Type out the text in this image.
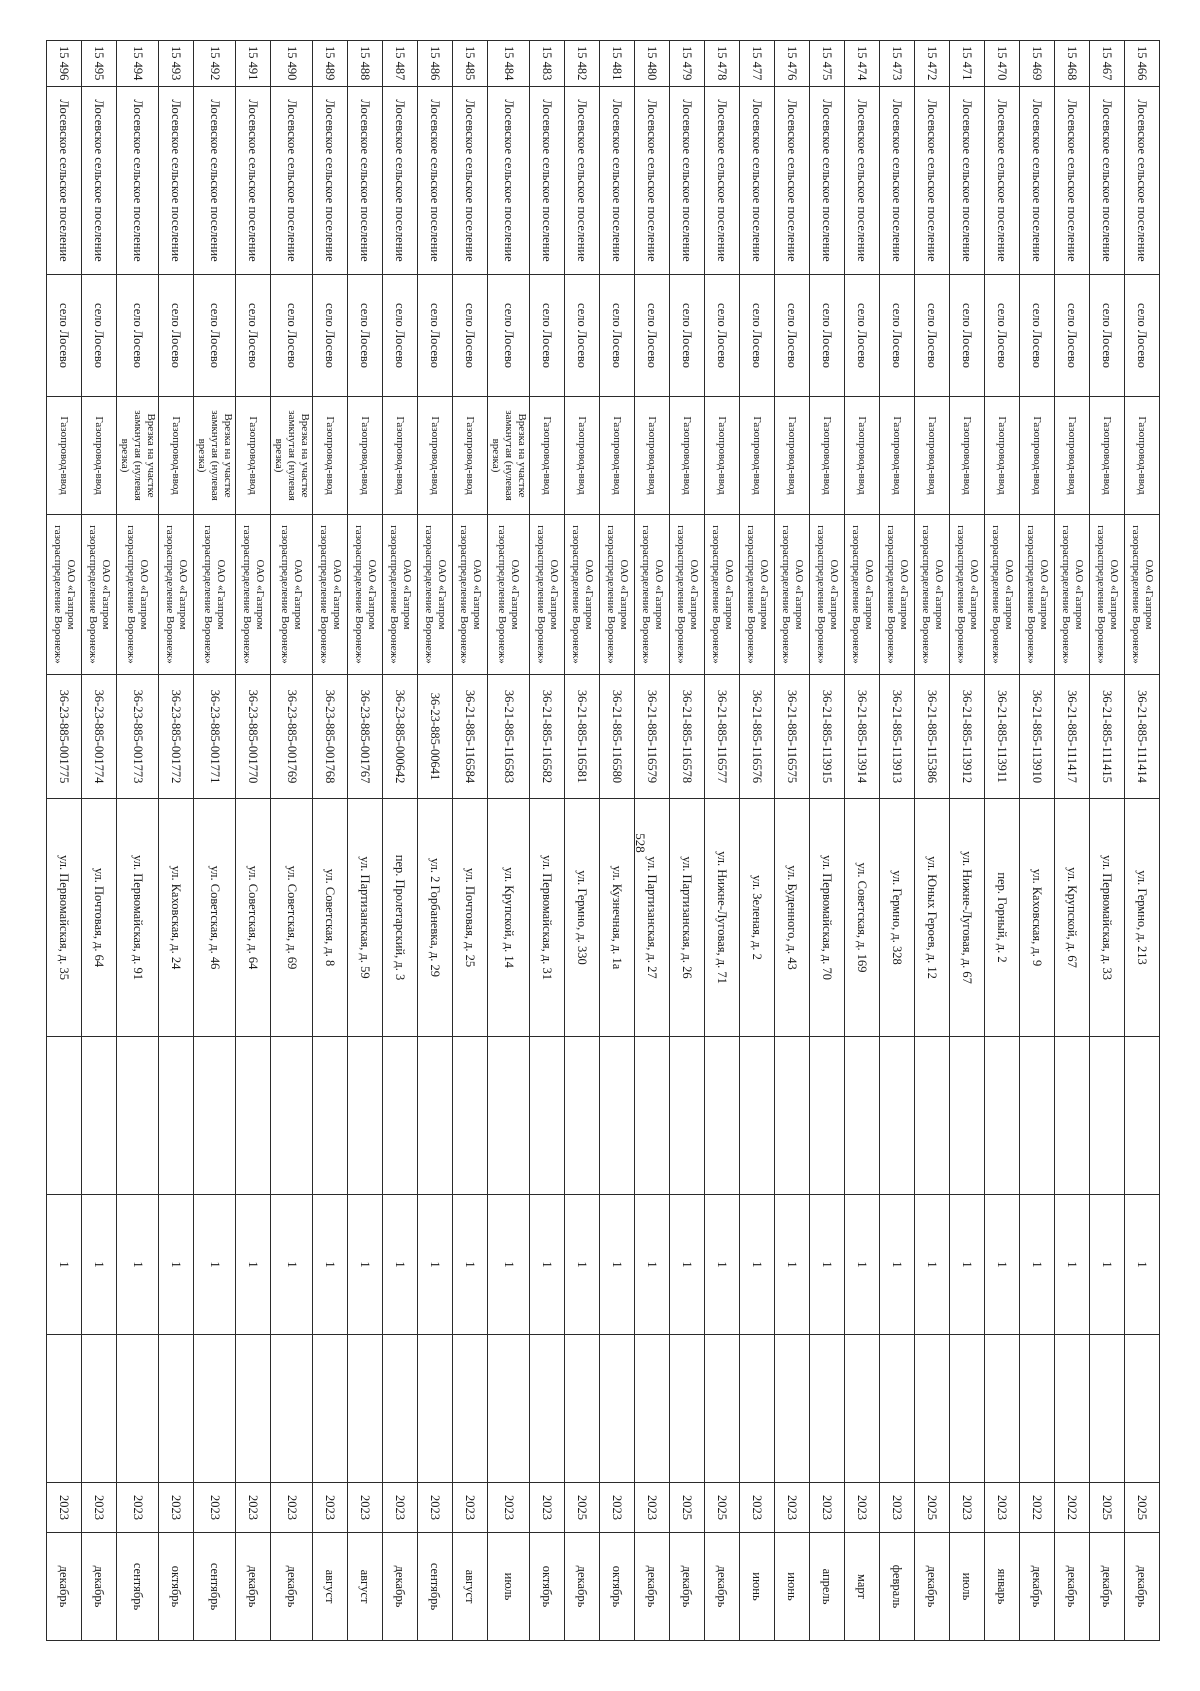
528
15 466	Лосевское сельское поселение	село Лосево	Газопровод-ввод	ОАО «Газпром газораспределение Воронеж»	36-21-885-111414	ул. Гермно, д. 213		1		2025	декабрь
15 467	Лосевское сельское поселение	село Лосево	Газопровод-ввод	ОАО «Газпром газораспределение Воронеж»	36-21-885-111415	ул. Первомайская, д. 33		1		2025	декабрь
15 468	Лосевское сельское поселение	село Лосево	Газопровод-ввод	ОАО «Газпром газораспределение Воронеж»	36-21-885-111417	ул. Крупской, д. 67		1		2022	декабрь
15 469	Лосевское сельское поселение	село Лосево	Газопровод-ввод	ОАО «Газпром газораспределение Воронеж»	36-21-885-113910	ул. Каховская, д. 9		1		2022	декабрь
15 470	Лосевское сельское поселение	село Лосево	Газопровод-ввод	ОАО «Газпром газораспределение Воронеж»	36-21-885-113911	пер. Горный, д. 2		1		2023	январь
15 471	Лосевское сельское поселение	село Лосево	Газопровод-ввод	ОАО «Газпром газораспределение Воронеж»	36-21-885-113912	ул. Нижне-Луговая, д. 67		1		2023	июль
15 472	Лосевское сельское поселение	село Лосево	Газопровод-ввод	ОАО «Газпром газораспределение Воронеж»	36-21-885-115386	ул. Юных Героев, д. 12		1		2025	декабрь
15 473	Лосевское сельское поселение	село Лосево	Газопровод-ввод	ОАО «Газпром газораспределение Воронеж»	36-21-885-113913	ул. Гермно, д. 328		1		2023	февраль
15 474	Лосевское сельское поселение	село Лосево	Газопровод-ввод	ОАО «Газпром газораспределение Воронеж»	36-21-885-113914	ул. Советская, д. 169		1		2023	март
15 475	Лосевское сельское поселение	село Лосево	Газопровод-ввод	ОАО «Газпром газораспределение Воронеж»	36-21-885-113915	ул. Первомайская, д. 70		1		2023	апрель
15 476	Лосевское сельское поселение	село Лосево	Газопровод-ввод	ОАО «Газпром газораспределение Воронеж»	36-21-885-116575	ул. Буденного, д. 43		1		2023	июнь
15 477	Лосевское сельское поселение	село Лосево	Газопровод-ввод	ОАО «Газпром газораспределение Воронеж»	36-21-885-116576	ул. Зеленая, д. 2		1		2023	июнь
15 478	Лосевское сельское поселение	село Лосево	Газопровод-ввод	ОАО «Газпром газораспределение Воронеж»	36-21-885-116577	ул. Нижне-Луговая, д. 71		1		2025	декабрь
15 479	Лосевское сельское поселение	село Лосево	Газопровод-ввод	ОАО «Газпром газораспределение Воронеж»	36-21-885-116578	ул. Партизанская, д. 26		1		2025	декабрь
15 480	Лосевское сельское поселение	село Лосево	Газопровод-ввод	ОАО «Газпром газораспределение Воронеж»	36-21-885-116579	ул. Партизанская, д. 27		1		2023	декабрь
15 481	Лосевское сельское поселение	село Лосево	Газопровод-ввод	ОАО «Газпром газораспределение Воронеж»	36-21-885-116580	ул. Кузнечная, д. 1а		1		2023	октябрь
15 482	Лосевское сельское поселение	село Лосево	Газопровод-ввод	ОАО «Газпром газораспределение Воронеж»	36-21-885-116581	ул. Гермно, д. 330		1		2025	декабрь
15 483	Лосевское сельское поселение	село Лосево	Газопровод-ввод	ОАО «Газпром газораспределение Воронеж»	36-21-885-116582	ул. Первомайская, д. 31		1		2023	октябрь
15 484	Лосевское сельское поселение	село Лосево	Врезка на участке замкнутая (нулевая врезка)	ОАО «Газпром газораспределение Воронеж»	36-21-885-116583	ул. Крупской, д. 14		1		2023	июль
15 485	Лосевское сельское поселение	село Лосево	Газопровод-ввод	ОАО «Газпром газораспределение Воронеж»	36-21-885-116584	ул. Почтовая, д. 25		1		2023	август
15 486	Лосевское сельское поселение	село Лосево	Газопровод-ввод	ОАО «Газпром газораспределение Воронеж»	36-23-885-00641	ул. 2 Горбаневка, д. 29		1		2023	сентябрь
15 487	Лосевское сельское поселение	село Лосево	Газопровод-ввод	ОАО «Газпром газораспределение Воронеж»	36-23-885-000642	пер. Пролетарский, д. 3		1		2023	декабрь
15 488	Лосевское сельское поселение	село Лосево	Газопровод-ввод	ОАО «Газпром газораспределение Воронеж»	36-23-885-001767	ул. Партизанская, д. 59		1		2023	август
15 489	Лосевское сельское поселение	село Лосево	Газопровод-ввод	ОАО «Газпром газораспределение Воронеж»	36-23-885-001768	ул. Советская, д. 8		1		2023	август
15 490	Лосевское сельское поселение	село Лосево	Врезка на участке замкнутая (нулевая врезка)	ОАО «Газпром газораспределение Воронеж»	36-23-885-001769	ул. Советская, д. 69		1		2023	декабрь
15 491	Лосевское сельское поселение	село Лосево	Газопровод-ввод	ОАО «Газпром газораспределение Воронеж»	36-23-885-001770	ул. Советская, д. 64		1		2023	декабрь
15 492	Лосевское сельское поселение	село Лосево	Врезка на участке замкнутая (нулевая врезка)	ОАО «Газпром газораспределение Воронеж»	36-23-885-001771	ул. Советская, д. 46		1		2023	сентябрь
15 493	Лосевское сельское поселение	село Лосево	Газопровод-ввод	ОАО «Газпром газораспределение Воронеж»	36-23-885-001772	ул. Каховская, д. 24		1		2023	октябрь
15 494	Лосевское сельское поселение	село Лосево	Врезка на участке замкнутая (нулевая врезка)	ОАО «Газпром газораспределение Воронеж»	36-23-885-001773	ул. Первомайская, д. 91		1		2023	сентябрь
15 495	Лосевское сельское поселение	село Лосево	Газопровод-ввод	ОАО «Газпром газораспределение Воронеж»	36-23-885-001774	ул. Почтовая, д. 64		1		2023	декабрь
15 496	Лосевское сельское поселение	село Лосево	Газопровод-ввод	ОАО «Газпром газораспределение Воронеж»	36-23-885-001775	ул. Первомайская, д. 35		1		2023	декабрь
